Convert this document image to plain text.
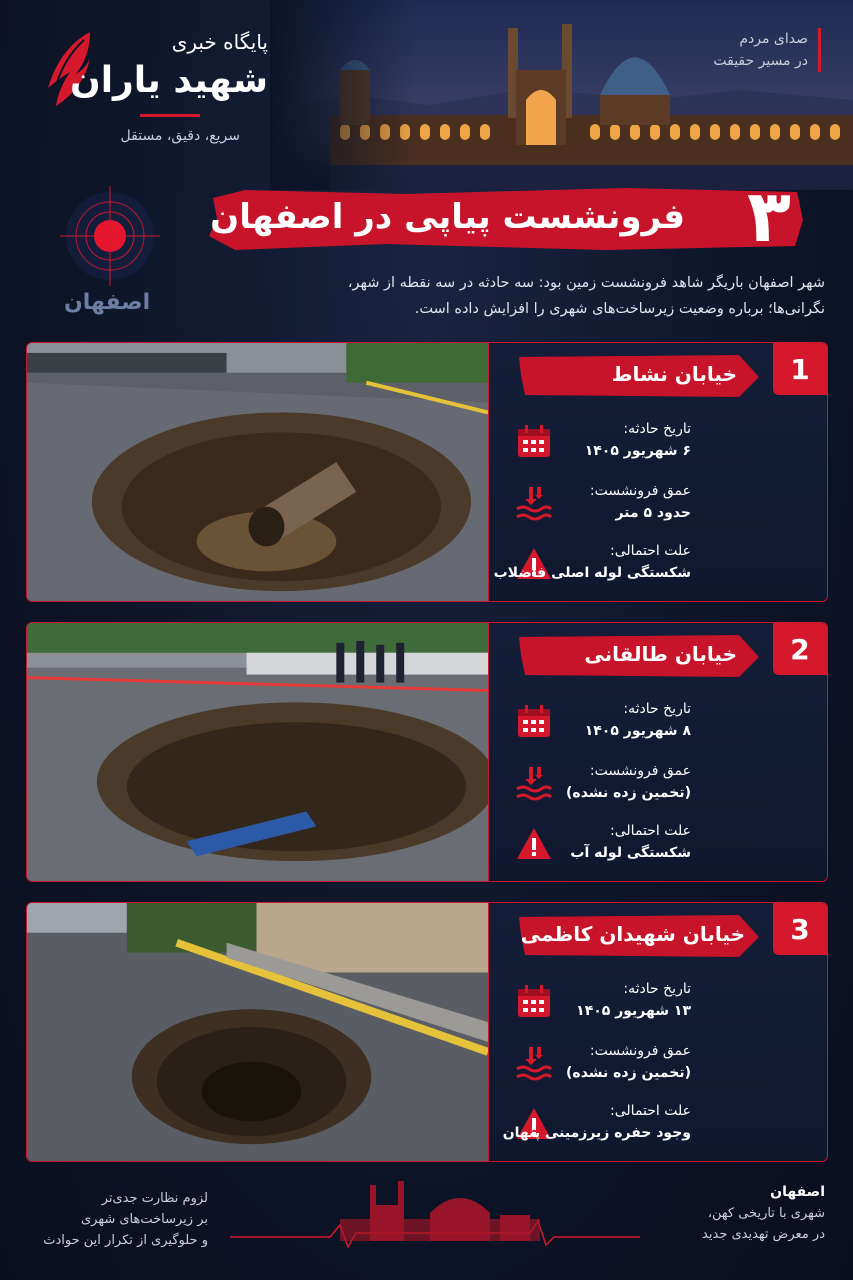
پایگاه خبری
شهید یاران
سریع، دقیق، مستقل
صدای مردم
در مسیر حقیقت
اصفهان
۳
فرونشست پیاپی در اصفهان
شهر اصفهان باریگر شاهد فرونشست زمین بود: سه حادثه در سه نقطه از شهر،
نگرانی‌ها؛ برباره وضعیت زیرساخت‌های شهری را افزایش داده است.
1
خیابان نشاط
تاریخ حادثه:
۶ شهریور ۱۴۰۵
عمق فرونشست:
حدود ۵ متر
علت احتمالی:
شکستگی لوله اصلی فاضلاب
2
خیابان طالقانی
تاریخ حادثه:
۸ شهریور ۱۴۰۵
عمق فرونشست:
(تخمین زده نشده)
علت احتمالی:
شکستگی لوله آب
3
خیابان شهیدان کاظمی
تاریخ حادثه:
۱۳ شهریور ۱۴۰۵
عمق فرونشست:
(تخمین زده نشده)
علت احتمالی:
وجود حفره زیرزمینی پنهان
لزوم نظارت جدی‌تر
بر زیرساخت‌های شهری
و حلوگیری از تکرار این حوادث
اصفهان
شهری با تاریخی کهن،
در معرض تهدیدی جدید
